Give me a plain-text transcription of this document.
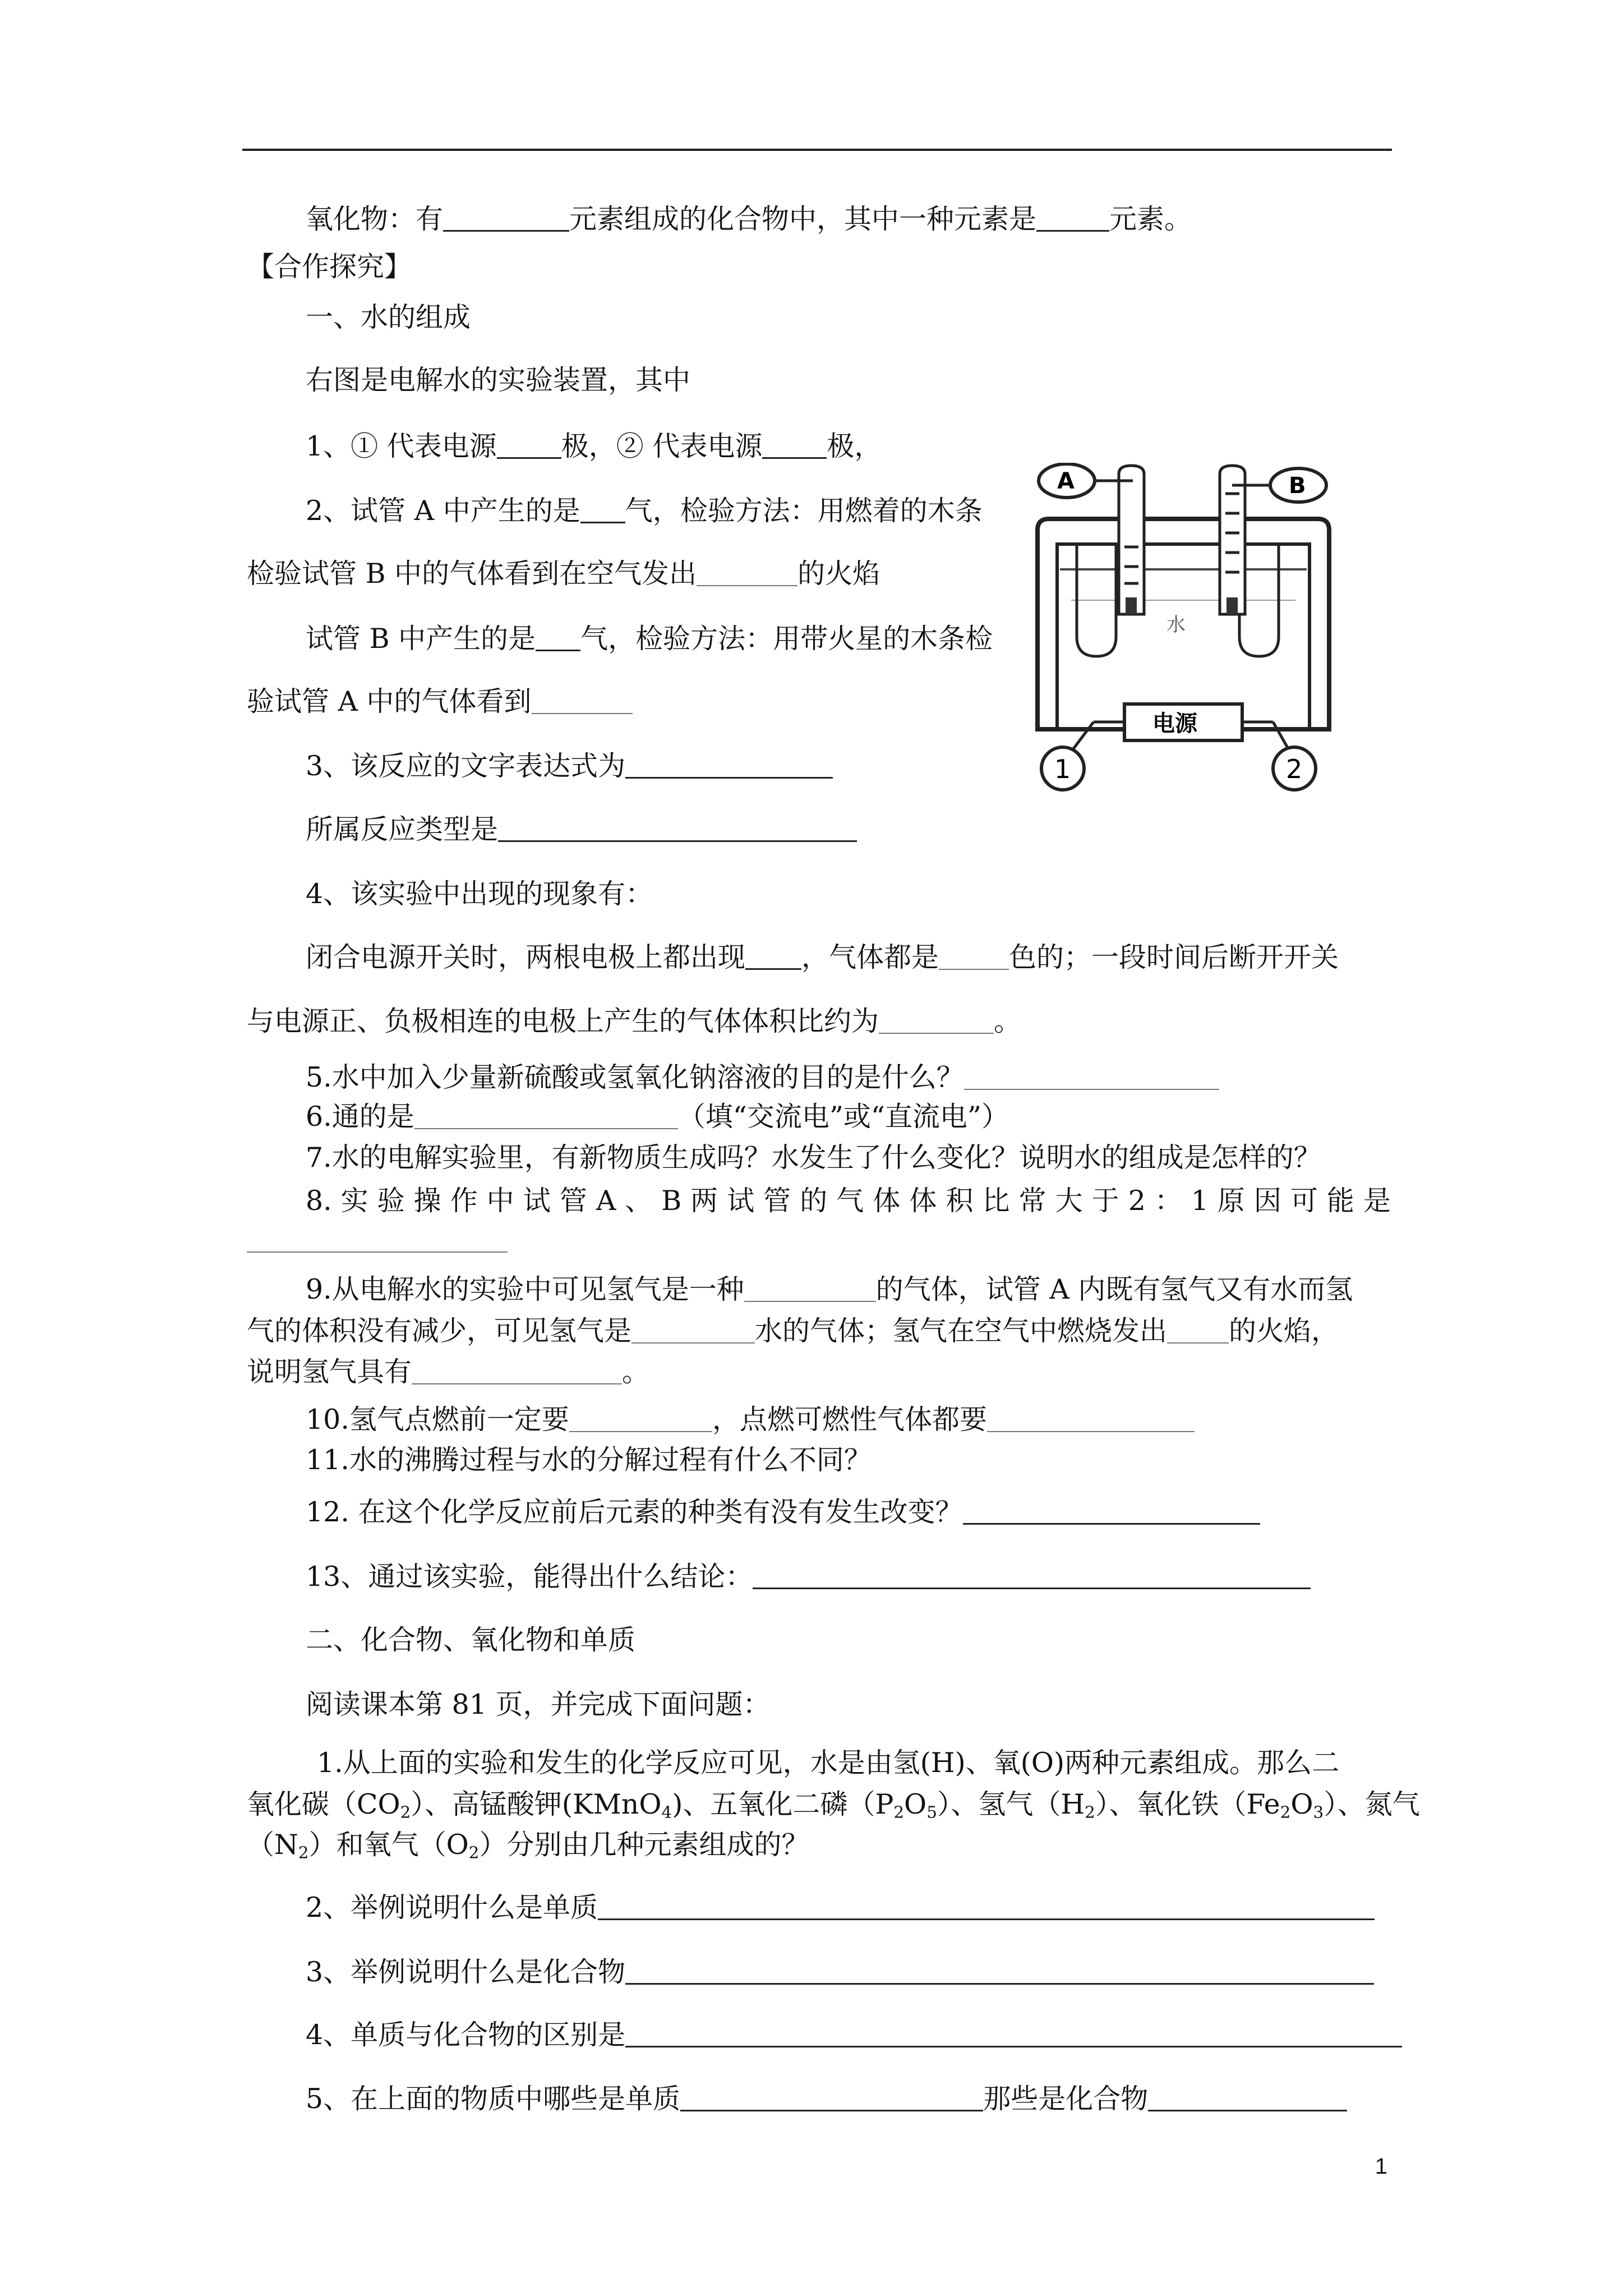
氧化物：有	元素组成的化合物中，其中一种元素是	元素。
【合作探究】
一、水的组成
右图是电解水的实验装置，其中
1、① 代表电源 极，② 代表电源 极，
2、试管 A 中产生的是 气，检验方法：用燃着的木条
检验试管 B 中的气体看到在空气发出	的火焰
试管 B 中产生的是 气，检验方法：用带火星的木条检
验试管 A 中的气体看到
3、该反应的文字表达式为
所属反应类型是
4、该实验中出现的现象有：
闭合电源开关时，两根电极上都出现 ，气体都是	色的；一段时间后断开开关
与电源正、负极相连的电极上产生的气体体积比约为	。
5.水中加入少量新硫酸或氢氧化钠溶液的目的是什么？
6.通的是	（填“交流电”或“直流电”）
7.水的电解实验里，有新物质生成吗？水发生了什么变化？说明水的组成是怎样的？
8. 实 验 操 作 中 试 管 A 、 B 两 试 管 的 气 体 体 积 比 常 大 于 2 ： 1 原 因 可 能 是
9.从电解水的实验中可见氢气是一种	的气体，试管 A 内既有氢气又有水而氢
气的体积没有减少，可见氢气是	水的气体；氢气在空气中燃烧发出 的火焰，
说明氢气具有	。
10.氢气点燃前一定要	，点燃可燃性气体都要
11.水的沸腾过程与水的分解过程有什么不同？
12. 在这个化学反应前后元素的种类有没有发生改变？
13、通过该实验，能得出什么结论：
二、化合物、氧化物和单质
阅读课本第 81 页，并完成下面问题：
1.从上面的实验和发生的化学反应可见，水是由氢(H)、氧(O)两种元素组成。那么二
氧化碳$(CO_2)$、高锰酸钾(KMnO$_4$)、五氧化二磷$(P_2O_5)$、氢气$(H_2)$、氧化铁$(Fe_2O_3)$、氮气
$(N_2)$和氧气$(O_2)$分别由几种元素组成的？
2、举例说明什么是单质
3、举例说明什么是化合物
4、单质与化合物的区别是
5、在上面的物质中哪些是单质	那些是化合物
1
水
A	B
电源
1	2
